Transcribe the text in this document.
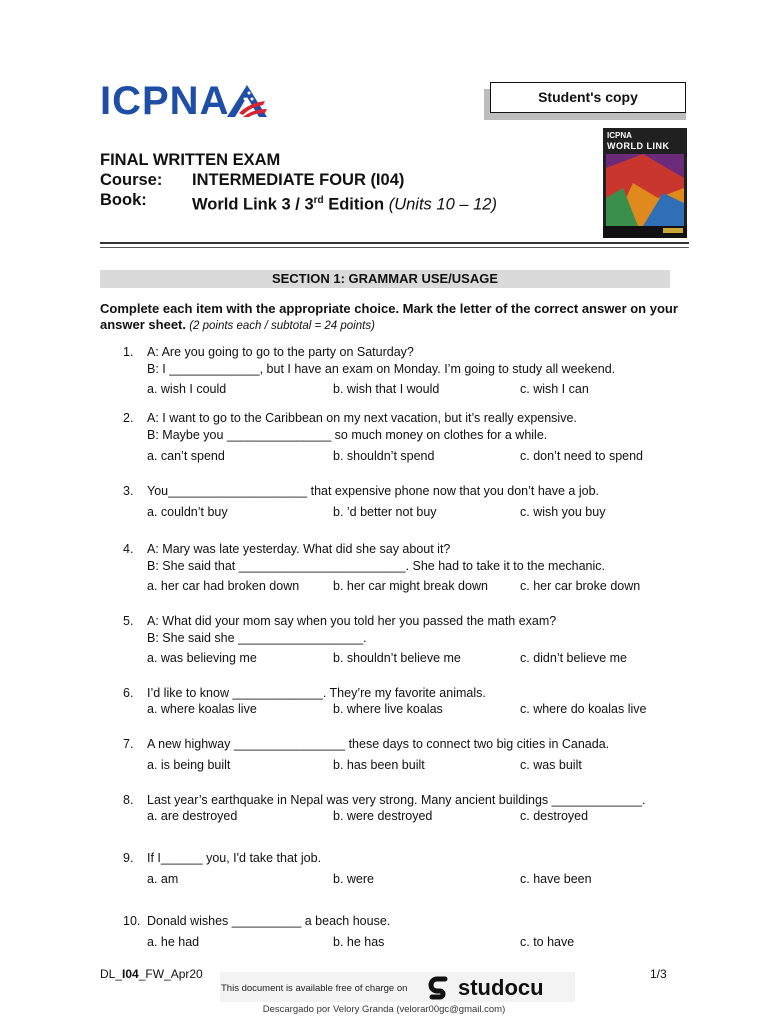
ICPNA	Student's copy
ICPNA
WORLD LINK
FINAL WRITTEN EXAM
Course: INTERMEDIATE FOUR (I04)
Book:	World Link 3 / 3rd Edition (Units 10 – 12)
SECTION 1: GRAMMAR USE/USAGE
Complete each item with the appropriate choice. Mark the letter of the correct answer on your answer sheet. (2 points each / subtotal = 24 points)
1. A: Are you going to go to the party on Saturday?
B: I _____________, but I have an exam on Monday. I’m going to study all weekend.
a. wish I could	b. wish that I would	c. wish I can
2. A: I want to go to the Caribbean on my next vacation, but it’s really expensive.
B: Maybe you _______________ so much money on clothes for a while.
a. can’t spend	b. shouldn’t spend	c. don’t need to spend
3. You____________________ that expensive phone now that you don’t have a job.
a. couldn’t buy	b. ’d better not buy	c. wish you buy
4. A: Mary was late yesterday. What did she say about it?
B: She said that ________________________. She had to take it to the mechanic.
a. her car had broken down	b. her car might break down	c. her car broke down
5. A: What did your mom say when you told her you passed the math exam?
B: She said she __________________.
a. was believing me	b. shouldn’t believe me	c. didn’t believe me
6. I’d like to know _____________. They’re my favorite animals.
a. where koalas live	b. where live koalas	c. where do koalas live
7. A new highway ________________ these days to connect two big cities in Canada.
a. is being built	b. has been built	c. was built
8. Last year’s earthquake in Nepal was very strong. Many ancient buildings _____________.
a. are destroyed	b. were destroyed	c. destroyed
9. If I______ you, I'd take that job.
a. am	b. were	c. have been
10. Donald wishes __________ a beach house.
a. he had	b. he has	c. to have
DL_I04_FW_Apr20	1/3
This document is available free of charge on studocu
Descargado por Velory Granda (velorar00gc@gmail.com)
